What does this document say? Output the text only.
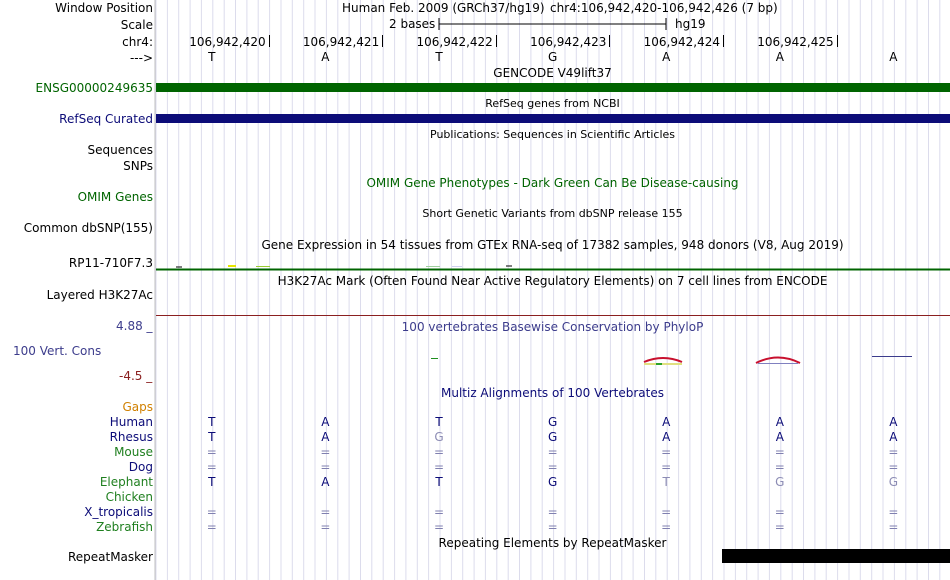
Window Position	Human Feb. 2009 (GRCh37/hg19) chr4:106,942,420-106,942,426 (7 bp)
Scale	2 bases	hg19
chr4:	106,942,420	106,942,421	106,942,422	106,942,423	106,942,424	106,942,425
--->	T	A	T	G	A	A	A
GENCODE V49lift37
ENSG00000249635
RefSeq genes from NCBI
RefSeq Curated
Publications: Sequences in Scientific Articles
Sequences
SNPs
OMIM Gene Phenotypes - Dark Green Can Be Disease-causing
OMIM Genes
Short Genetic Variants from dbSNP release 155
Common dbSNP(155)
Gene Expression in 54 tissues from GTEx RNA-seq of 17382 samples, 948 donors (V8, Aug 2019)
RP11-710F7.3
H3K27Ac Mark (Often Found Near Active Regulatory Elements) on 7 cell lines from ENCODE
Layered H3K27Ac
4.88 _	100 vertebrates Basewise Conservation by PhyloP
100 Vert. Cons
-4.5 _
Multiz Alignments of 100 Vertebrates
Gaps
Human	T	A	T	G	A	A	A
Rhesus	T	A	G	G	A	A	A
Mouse	=	=	=	=	=	=	=
Dog	=	=	=	=	=	=	=
Elephant	T	A	T	G	T	G	G
Chicken
X_tropicalis	=	=	=	=	=	=	=
Zebrafish	=	=	=	=	=	=	=
Repeating Elements by RepeatMasker
RepeatMasker
